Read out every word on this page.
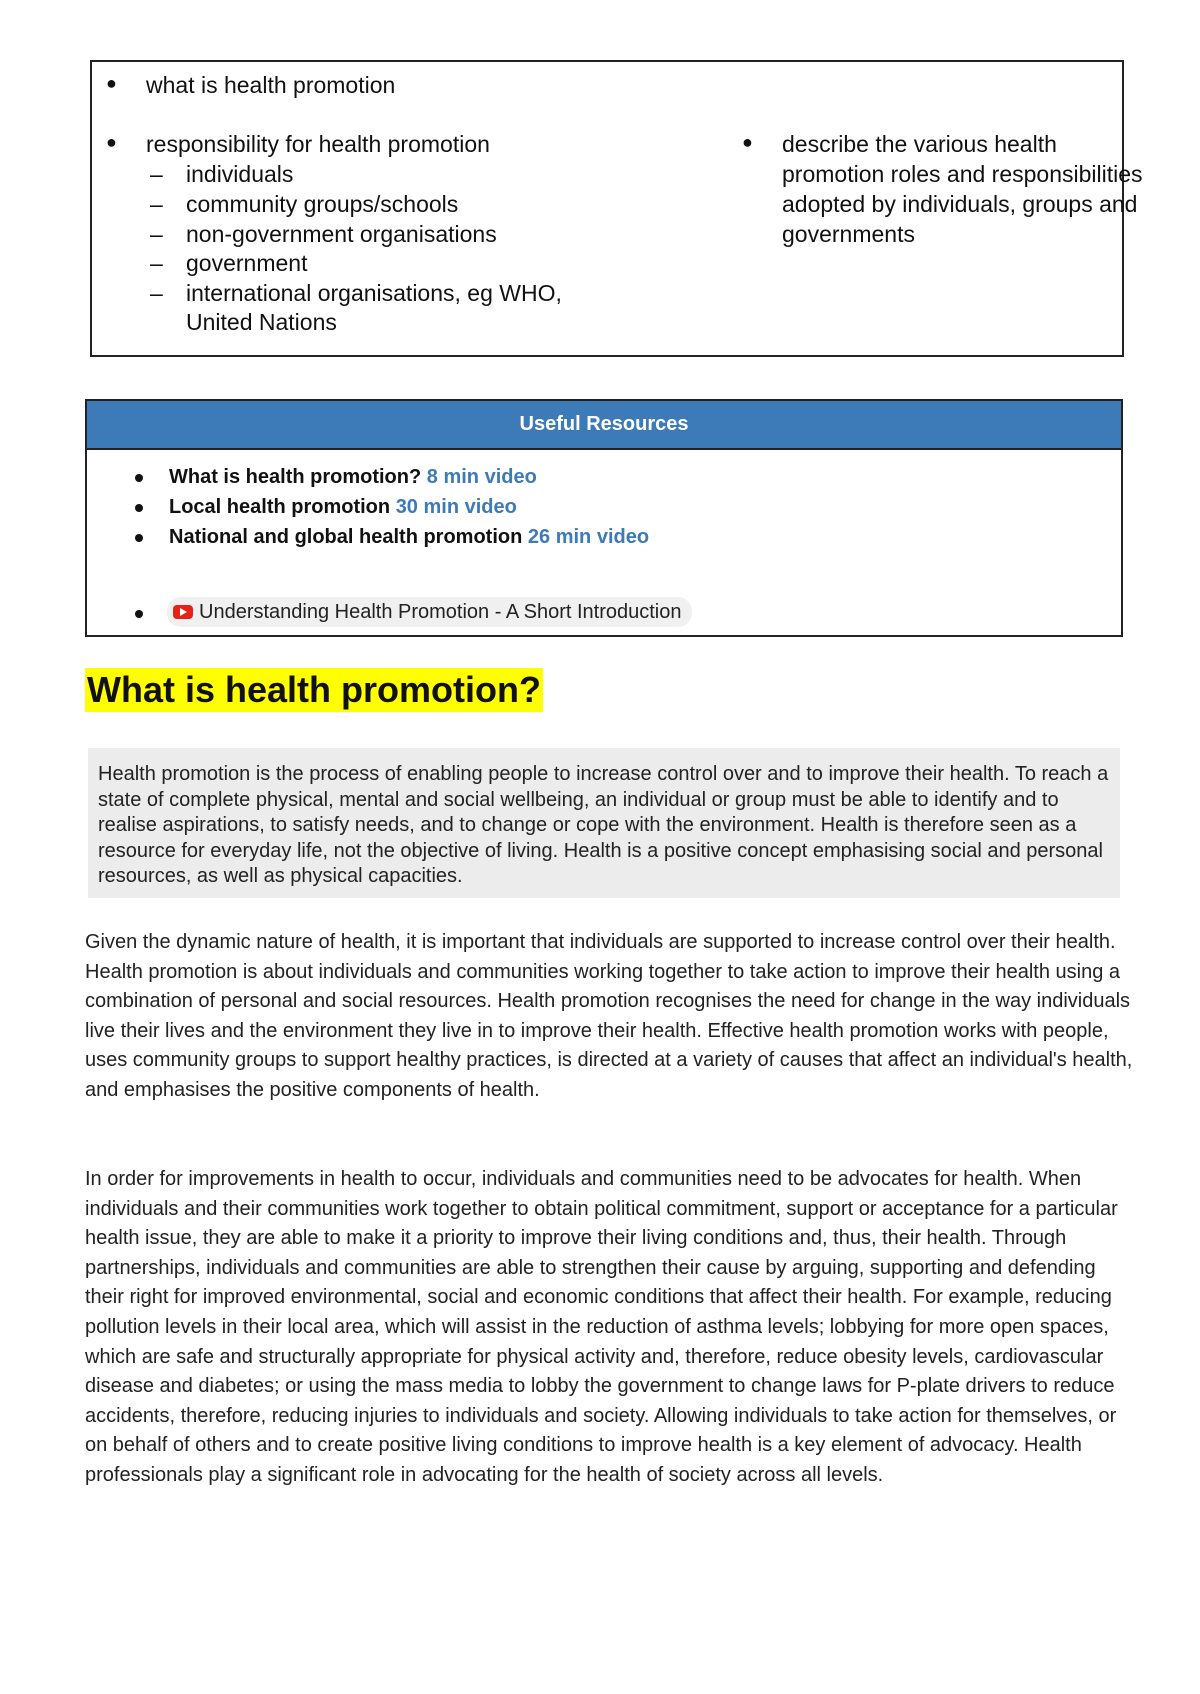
● what is health promotion
● responsibility for health promotion
– individuals
– community groups/schools
– non-government organisations
– government
– international organisations, eg WHO,
United Nations
● describe the various health
promotion roles and responsibilities
adopted by individuals, groups and
governments
Useful Resources
What is health promotion? 8 min video
Local health promotion 30 min video
National and global health promotion 26 min video
Understanding Health Promotion - A Short Introduction
What is health promotion?
Health promotion is the process of enabling people to increase control over and to improve their health. To reach a state of complete physical, mental and social wellbeing, an individual or group must be able to identify and to realise aspirations, to satisfy needs, and to change or cope with the environment. Health is therefore seen as a resource for everyday life, not the objective of living. Health is a positive concept emphasising social and personal resources, as well as physical capacities.

Given the dynamic nature of health, it is important that individuals are supported to increase control over their health. Health promotion is about individuals and communities working together to take action to improve their health using a combination of personal and social resources. Health promotion recognises the need for change in the way individuals live their lives and the environment they live in to improve their health. Effective health promotion works with people, uses community groups to support healthy practices, is directed at a variety of causes that affect an individual's health, and emphasises the positive components of health.

In order for improvements in health to occur, individuals and communities need to be advocates for health. When individuals and their communities work together to obtain political commitment, support or acceptance for a particular health issue, they are able to make it a priority to improve their living conditions and, thus, their health. Through partnerships, individuals and communities are able to strengthen their cause by arguing, supporting and defending their right for improved environmental, social and economic conditions that affect their health. For example, reducing pollution levels in their local area, which will assist in the reduction of asthma levels; lobbying for more open spaces, which are safe and structurally appropriate for physical activity and, therefore, reduce obesity levels, cardiovascular disease and diabetes; or using the mass media to lobby the government to change laws for P-plate drivers to reduce accidents, therefore, reducing injuries to individuals and society. Allowing individuals to take action for themselves, or on behalf of others and to create positive living conditions to improve health is a key element of advocacy. Health professionals play a significant role in advocating for the health of society across all levels.
